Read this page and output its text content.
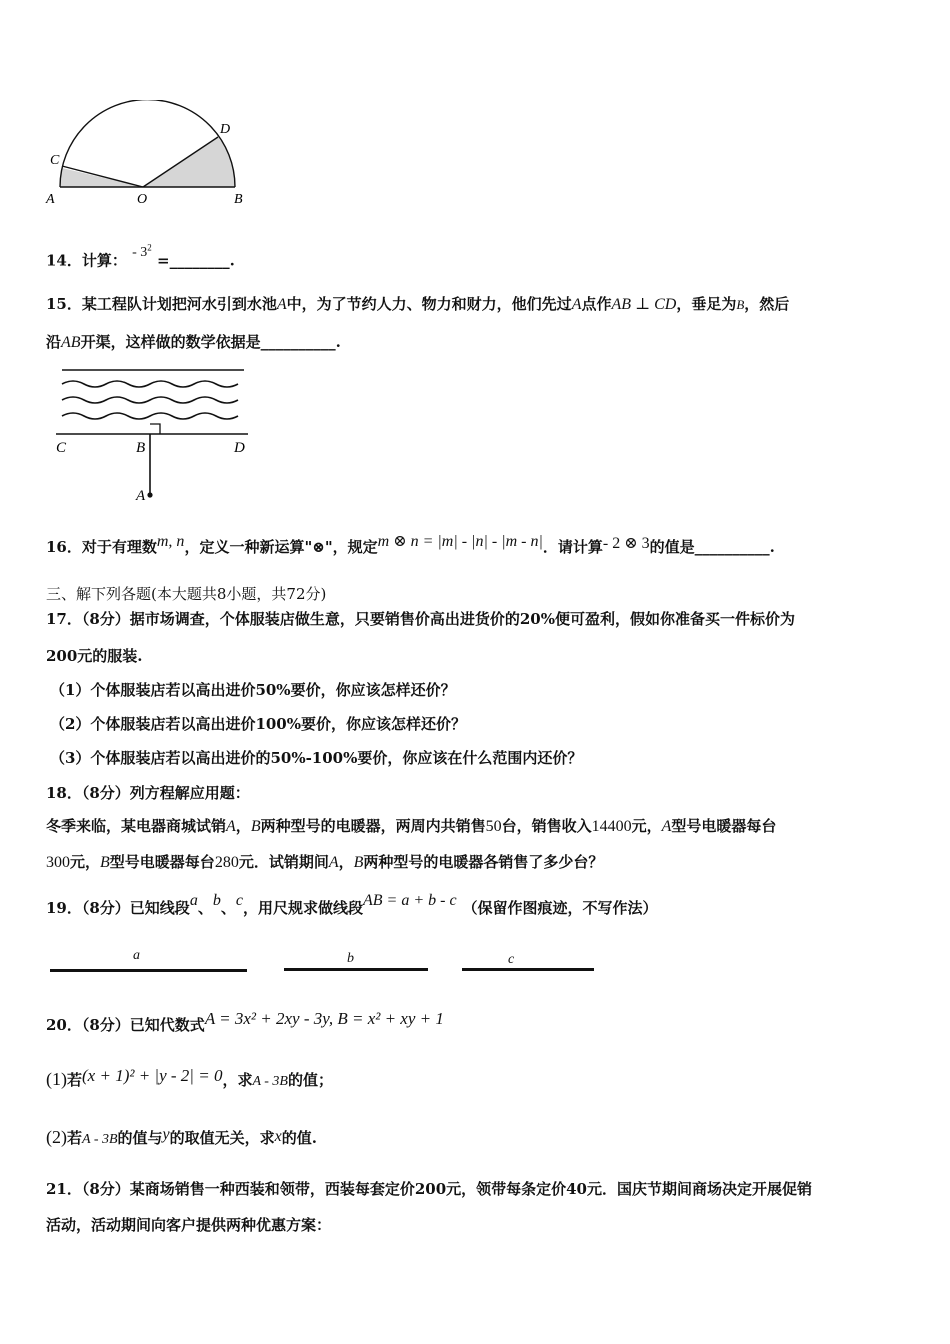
A	O	B
C
D
14．计算： - $3^2$ =________.
15．某工程队计划把河水引到水池A中，为了节约人力、物力和财力，他们先过A点作AB ⊥ CD，垂足为B，然后
沿AB开渠，这样做的数学依据是__________.
C	B	D
A
16．对于有理数m, n，定义一种新运算"⊗"，规定m ⊗ n = |m| - |n| - |m - n|．请计算- 2 ⊗ 3的值是__________.
三、解下列各题(本大题共8小题，共72分)
17．（8分）据市场调查，个体服装店做生意，只要销售价高出进货价的20%便可盈利，假如你准备买一件标价为
200元的服装.
（1）个体服装店若以高出进价50%要价，你应该怎样还价？
（2）个体服装店若以高出进价100%要价，你应该怎样还价？
（3）个体服装店若以高出进价的50%-100%要价，你应该在什么范围内还价？
18．（8分）列方程解应用题：
冬季来临，某电器商城试销A，B两种型号的电暖器，两周内共销售50台，销售收入14400元，A型号电暖器每台
300元，B型号电暖器每台280元．试销期间A，B两种型号的电暖器各销售了多少台？
19．（8分）已知线段a、b、c，用尺规求做线段AB = a + b - c （保留作图痕迹，不写作法）
a	b	c
20．（8分）已知代数式A = 3x² + 2xy - 3y, B = x² + xy + 1
(1)若(x + 1)² + |y - 2| = 0，求A - 3B的值；
(2)若A - 3B的值与y的取值无关，求x的值.
21．（8分）某商场销售一种西装和领带，西装每套定价200元，领带每条定价40元．国庆节期间商场决定开展促销
活动，活动期间向客户提供两种优惠方案：
